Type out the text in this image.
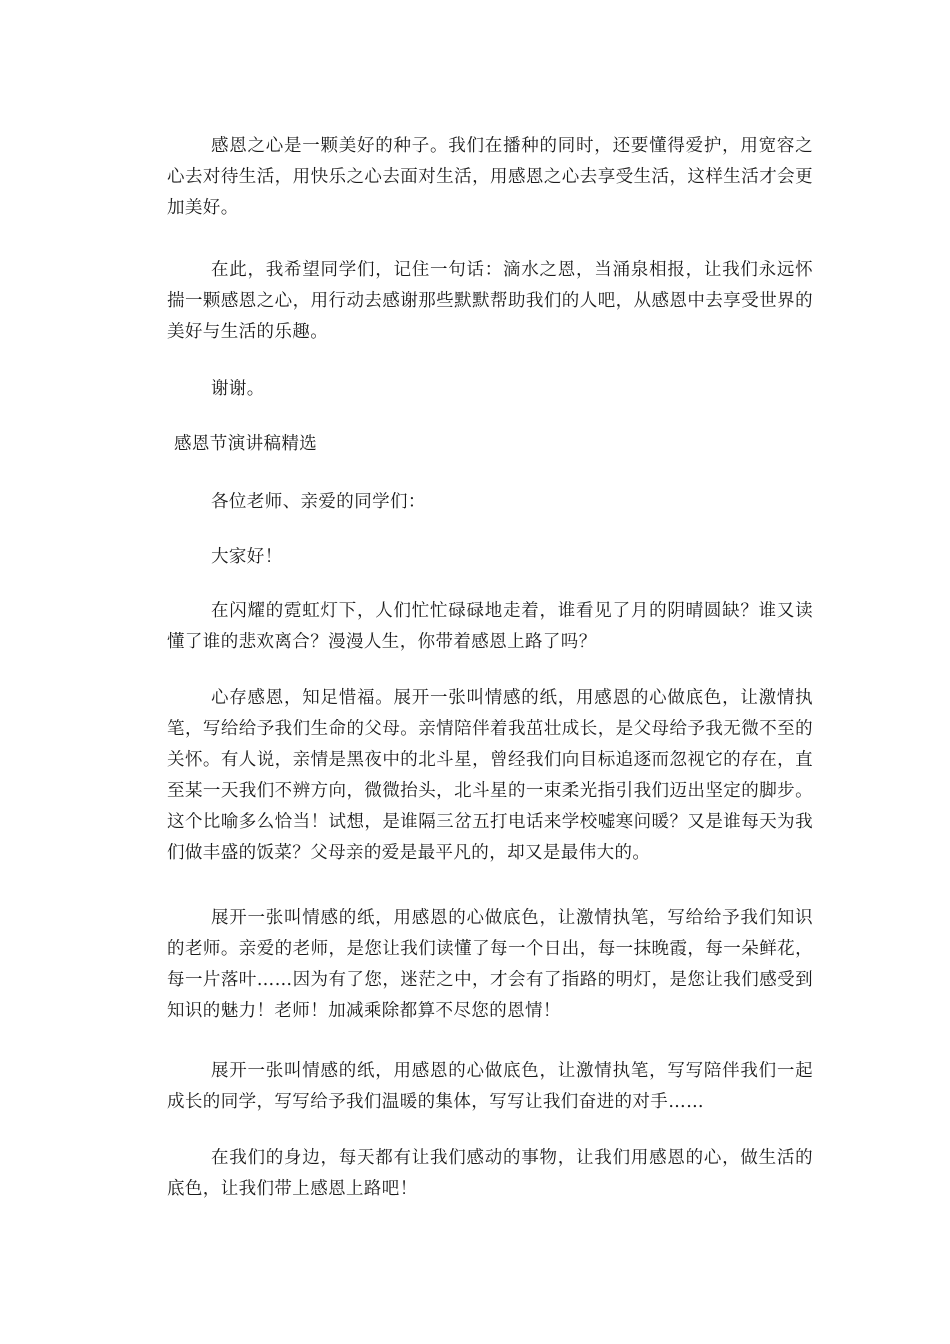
感恩之心是一颗美好的种子。我们在播种的同时，还要懂得爱护，用宽容之心去对待生活，用快乐之心去面对生活，用感恩之心去享受生活，这样生活才会更加美好。

在此，我希望同学们，记住一句话：滴水之恩，当涌泉相报，让我们永远怀揣一颗感恩之心，用行动去感谢那些默默帮助我们的人吧，从感恩中去享受世界的美好与生活的乐趣。

谢谢。

感恩节演讲稿精选

各位老师、亲爱的同学们：

大家好！

在闪耀的霓虹灯下，人们忙忙碌碌地走着，谁看见了月的阴晴圆缺？谁又读懂了谁的悲欢离合？漫漫人生，你带着感恩上路了吗？

心存感恩，知足惜福。展开一张叫情感的纸，用感恩的心做底色，让激情执笔，写给给予我们生命的父母。亲情陪伴着我茁壮成长，是父母给予我无微不至的关怀。有人说，亲情是黑夜中的北斗星，曾经我们向目标追逐而忽视它的存在，直至某一天我们不辨方向，微微抬头，北斗星的一束柔光指引我们迈出坚定的脚步。这个比喻多么恰当！试想，是谁隔三岔五打电话来学校嘘寒问暖？又是谁每天为我们做丰盛的饭菜？父母亲的爱是最平凡的，却又是最伟大的。

展开一张叫情感的纸，用感恩的心做底色，让激情执笔，写给给予我们知识的老师。亲爱的老师，是您让我们读懂了每一个日出，每一抹晚霞，每一朵鲜花，每一片落叶……因为有了您，迷茫之中，才会有了指路的明灯，是您让我们感受到知识的魅力！老师！加减乘除都算不尽您的恩情！

展开一张叫情感的纸，用感恩的心做底色，让激情执笔，写写陪伴我们一起成长的同学，写写给予我们温暖的集体，写写让我们奋进的对手……

在我们的身边，每天都有让我们感动的事物，让我们用感恩的心，做生活的底色，让我们带上感恩上路吧！
